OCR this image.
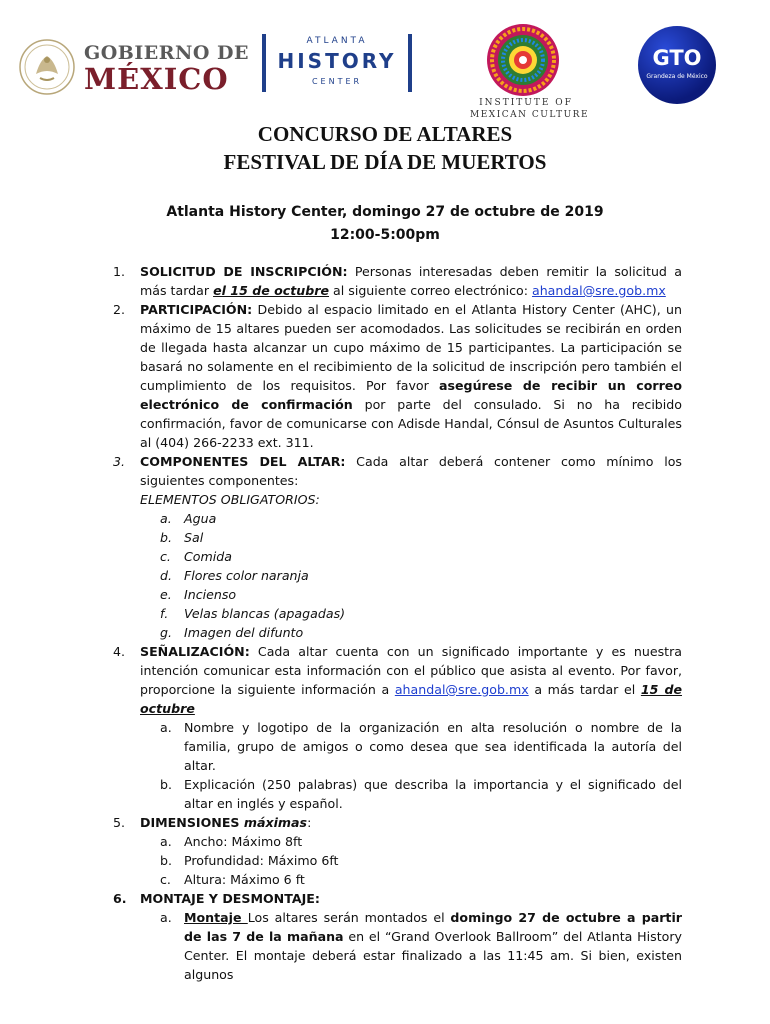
GOBIERNO DE
MÉXICO
ATLANTA
HISTORY
CENTER
INSTITUTE OF
MEXICAN CULTURE
GTO
Grandeza de México
CONCURSO DE ALTARES
FESTIVAL DE DÍA DE MUERTOS
Atlanta History Center, domingo 27 de octubre de 2019
12:00-5:00pm
1. SOLICITUD DE INSCRIPCIÓN: Personas interesadas deben remitir la solicitud a más tardar el 15 de octubre al siguiente correo electrónico: ahandal@sre.gob.mx
2. PARTICIPACIÓN: Debido al espacio limitado en el Atlanta History Center (AHC), un máximo de 15 altares pueden ser acomodados. Las solicitudes se recibirán en orden de llegada hasta alcanzar un cupo máximo de 15 participantes. La participación se basará no solamente en el recibimiento de la solicitud de inscripción pero también el cumplimiento de los requisitos. Por favor asegúrese de recibir un correo electrónico de confirmación por parte del consulado. Si no ha recibido confirmación, favor de comunicarse con Adisde Handal, Cónsul de Asuntos Culturales al (404) 266-2233 ext. 311.
3. COMPONENTES DEL ALTAR: Cada altar deberá contener como mínimo los siguientes componentes:
ELEMENTOS OBLIGATORIOS:
a. Agua
b. Sal
c. Comida
d. Flores color naranja
e. Incienso
f. Velas blancas (apagadas)
g. Imagen del difunto
4. SEÑALIZACIÓN: Cada altar cuenta con un significado importante y es nuestra intención comunicar esta información con el público que asista al evento. Por favor, proporcione la siguiente información a ahandal@sre.gob.mx a más tardar el 15 de octubre
a. Nombre y logotipo de la organización en alta resolución o nombre de la familia, grupo de amigos o como desea que sea identificada la autoría del altar.
b. Explicación (250 palabras) que describa la importancia y el significado del altar en inglés y español.
5. DIMENSIONES máximas:
a. Ancho: Máximo 8ft
b. Profundidad: Máximo 6ft
c. Altura: Máximo 6 ft
6. MONTAJE Y DESMONTAJE:
a. Montaje Los altares serán montados el domingo 27 de octubre a partir de las 7 de la mañana en el “Grand Overlook Ballroom” del Atlanta History Center. El montaje deberá estar finalizado a las 11:45 am. Si bien, existen algunos
